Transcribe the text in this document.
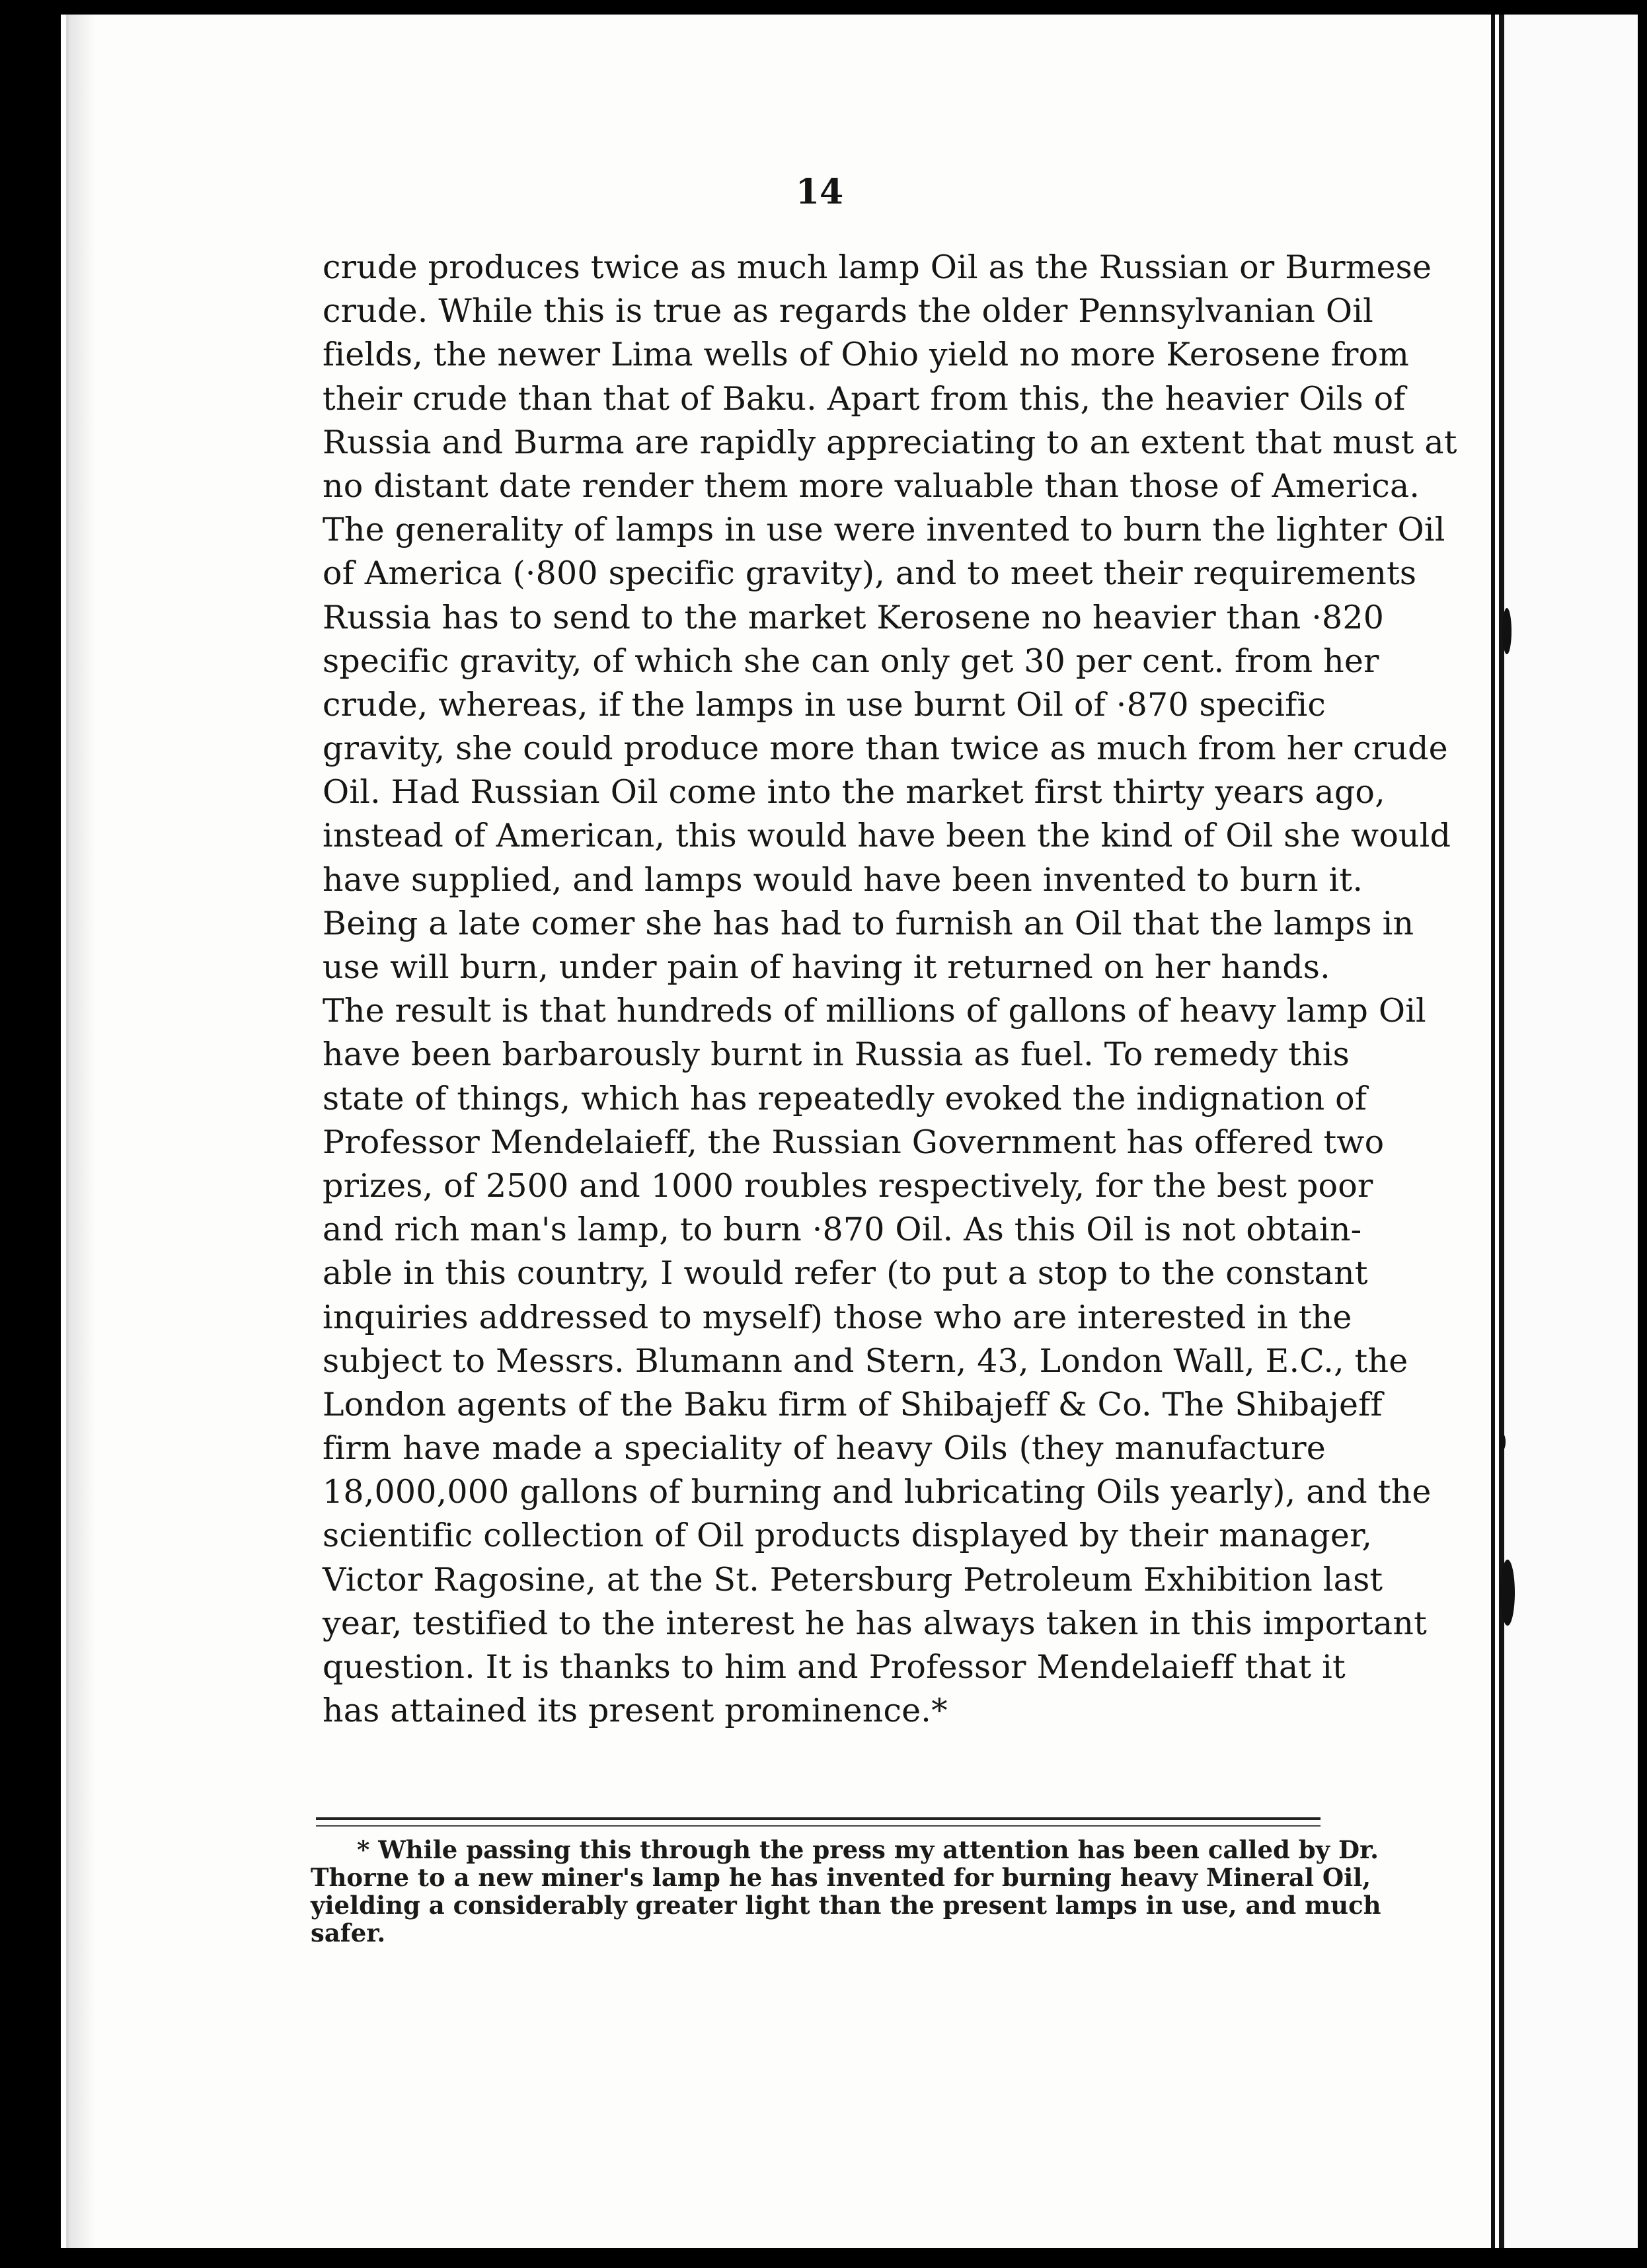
14
crude produces twice as much lamp Oil as the Russian or Burmese
crude. While this is true as regards the older Pennsylvanian Oil
fields, the newer Lima wells of Ohio yield no more Kerosene from
their crude than that of Baku. Apart from this, the heavier Oils of
Russia and Burma are rapidly appreciating to an extent that must at
no distant date render them more valuable than those of America.
The generality of lamps in use were invented to burn the lighter Oil
of America (·800 specific gravity), and to meet their requirements
Russia has to send to the market Kerosene no heavier than ·820
specific gravity, of which she can only get 30 per cent. from her
crude, whereas, if the lamps in use burnt Oil of ·870 specific
gravity, she could produce more than twice as much from her crude
Oil. Had Russian Oil come into the market first thirty years ago,
instead of American, this would have been the kind of Oil she would
have supplied, and lamps would have been invented to burn it.
Being a late comer she has had to furnish an Oil that the lamps in
use will burn, under pain of having it returned on her hands.
The result is that hundreds of millions of gallons of heavy lamp Oil
have been barbarously burnt in Russia as fuel. To remedy this
state of things, which has repeatedly evoked the indignation of
Professor Mendelaieff, the Russian Government has offered two
prizes, of 2500 and 1000 roubles respectively, for the best poor
and rich man's lamp, to burn ·870 Oil. As this Oil is not obtain-
able in this country, I would refer (to put a stop to the constant
inquiries addressed to myself) those who are interested in the
subject to Messrs. Blumann and Stern, 43, London Wall, E.C., the
London agents of the Baku firm of Shibajeff & Co. The Shibajeff
firm have made a speciality of heavy Oils (they manufacture
18,000,000 gallons of burning and lubricating Oils yearly), and the
scientific collection of Oil products displayed by their manager,
Victor Ragosine, at the St. Petersburg Petroleum Exhibition last
year, testified to the interest he has always taken in this important
question. It is thanks to him and Professor Mendelaieff that it
has attained its present prominence.*
* While passing this through the press my attention has been called by Dr.
Thorne to a new miner's lamp he has invented for burning heavy Mineral Oil,
yielding a considerably greater light than the present lamps in use, and much
safer.
